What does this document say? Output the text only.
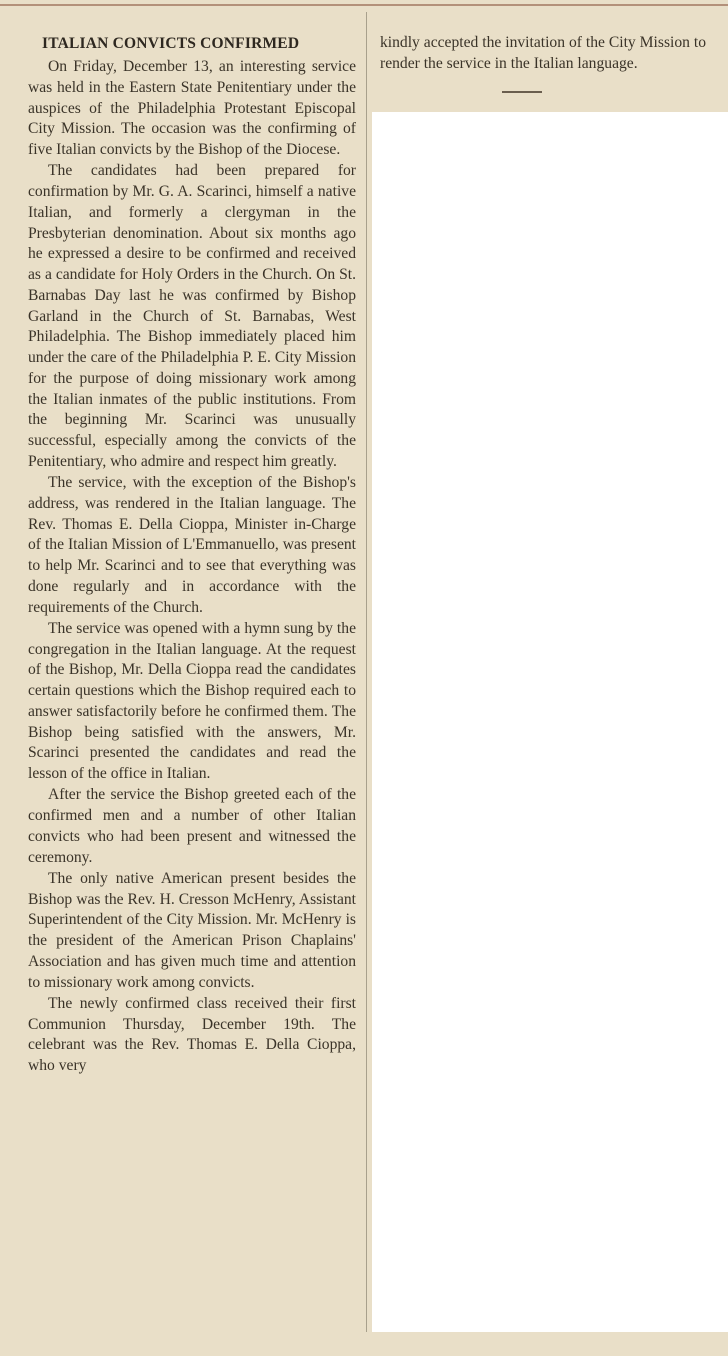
ITALIAN CONVICTS CONFIRMED

On Friday, December 13, an interesting service was held in the Eastern State Penitentiary under the auspices of the Philadelphia Protestant Episcopal City Mission. The occasion was the confirming of five Italian convicts by the Bishop of the Diocese.

The candidates had been prepared for confirmation by Mr. G. A. Scarinci, himself a native Italian, and formerly a clergyman in the Presbyterian denomination. About six months ago he expressed a desire to be confirmed and received as a candidate for Holy Orders in the Church. On St. Barnabas Day last he was confirmed by Bishop Garland in the Church of St. Barnabas, West Philadelphia. The Bishop immediately placed him under the care of the Philadelphia P. E. City Mission for the purpose of doing missionary work among the Italian inmates of the public institutions. From the beginning Mr. Scarinci was unusually successful, especially among the convicts of the Penitentiary, who admire and respect him greatly.

The service, with the exception of the Bishop's address, was rendered in the Italian language. The Rev. Thomas E. Della Cioppa, Minister in-Charge of the Italian Mission of L'Emmanuello, was present to help Mr. Scarinci and to see that everything was done regularly and in accordance with the requirements of the Church.

The service was opened with a hymn sung by the congregation in the Italian language. At the request of the Bishop, Mr. Della Cioppa read the candidates certain questions which the Bishop required each to answer satisfactorily before he confirmed them. The Bishop being satisfied with the answers, Mr. Scarinci presented the candidates and read the lesson of the office in Italian.

After the service the Bishop greeted each of the confirmed men and a number of other Italian convicts who had been present and witnessed the ceremony.

The only native American present besides the Bishop was the Rev. H. Cresson McHenry, Assistant Superintendent of the City Mission. Mr. McHenry is the president of the American Prison Chaplains' Association and has given much time and attention to missionary work among convicts.

The newly confirmed class received their first Communion Thursday, December 19th. The celebrant was the Rev. Thomas E. Della Cioppa, who very

kindly accepted the invitation of the City Mission to render the service in the Italian language.
